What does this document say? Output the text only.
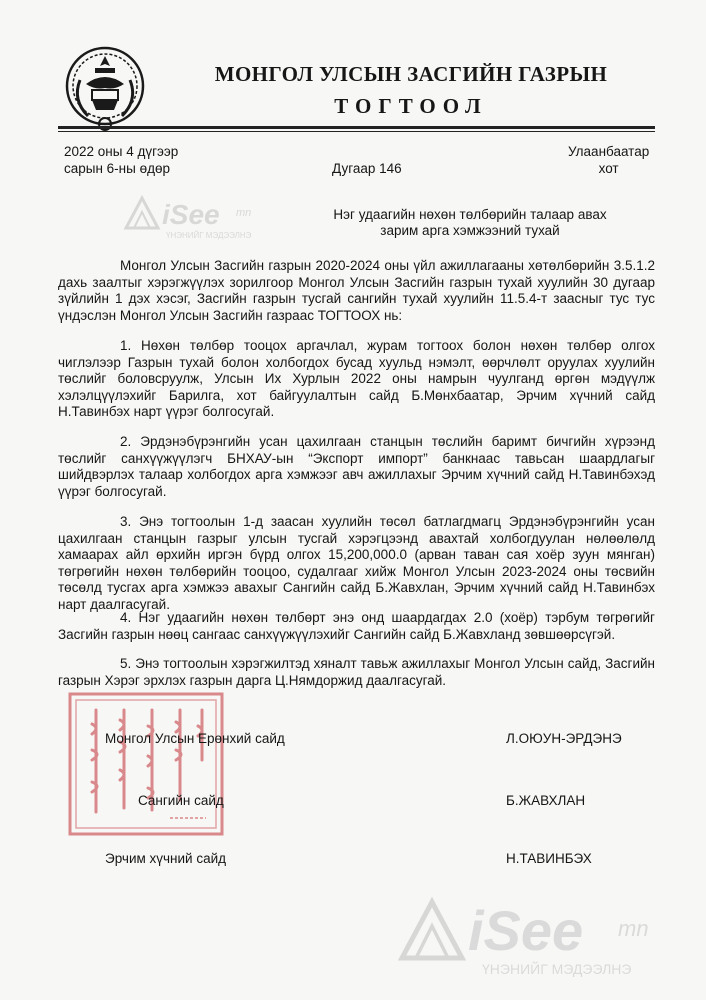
МОНГОЛ УЛСЫН ЗАСГИЙН ГАЗРЫН
ТОГТООЛ
2022 оны 4 дүгээр
сарын 6-ны өдөр	Дугаар 146
Улаанбаатар
хот
iSee mn
ҮНЭНИЙГ МЭДЭЭЛНЭ
Нэг удаагийн нөхөн төлбөрийн талаар авах
зарим арга хэмжээний тухай
Монгол Улсын Засгийн газрын 2020-2024 оны үйл ажиллагааны хөтөлбөрийн 3.5.1.2 дахь заалтыг хэрэгжүүлэх зорилгоор Монгол Улсын Засгийн газрын тухай хуулийн 30 дугаар зүйлийн 1 дэх хэсэг, Засгийн газрын тусгай сангийн тухай хуулийн 11.5.4-т заасныг тус тус үндэслэн Монгол Улсын Засгийн газраас ТОГТООХ нь:
1. Нөхөн төлбөр тооцох аргачлал, журам тогтоох болон нөхөн төлбөр олгох чиглэлээр Газрын тухай болон холбогдох бусад хуульд нэмэлт, өөрчлөлт оруулах хуулийн төслийг боловсруулж, Улсын Их Хурлын 2022 оны намрын чуулганд өргөн мэдүүлж хэлэлцүүлэхийг Барилга, хот байгуулалтын сайд Б.Мөнхбаатар, Эрчим хүчний сайд Н.Тавинбэх нарт үүрэг болгосугай.
2. Эрдэнэбүрэнгийн усан цахилгаан станцын төслийн баримт бичгийн хүрээнд төслийг санхүүжүүлэгч БНХАУ-ын “Экспорт импорт” банкнаас тавьсан шаардлагыг шийдвэрлэх талаар холбогдох арга хэмжээг авч ажиллахыг Эрчим хүчний сайд Н.Тавинбэхэд үүрэг болгосугай.
3. Энэ тогтоолын 1-д заасан хуулийн төсөл батлагдмагц Эрдэнэбүрэнгийн усан цахилгаан станцын газрыг улсын тусгай хэрэгцээнд авахтай холбогдуулан нөлөөлөлд хамаарах айл өрхийн иргэн бүрд олгох 15,200,000.0 (арван таван сая хоёр зуун мянган) төгрөгийн нөхөн төлбөрийн тооцоо, судалгааг хийж Монгол Улсын 2023-2024 оны төсвийн төсөлд тусгах арга хэмжээ авахыг Сангийн сайд Б.Жавхлан, Эрчим хүчний сайд Н.Тавинбэх нарт даалгасугай.
4. Нэг удаагийн нөхөн төлбөрт энэ онд шаардагдах 2.0 (хоёр) тэрбум төгрөгийг Засгийн газрын нөөц сангаас санхүүжүүлэхийг Сангийн сайд Б.Жавхланд зөвшөөрсүгэй.
5. Энэ тогтоолын хэрэгжилтэд хяналт тавьж ажиллахыг Монгол Улсын сайд, Засгийн газрын Хэрэг эрхлэх газрын дарга Ц.Нямдоржид даалгасугай.
Монгол Улсын Ерөнхий сайд	Л.ОЮУН-ЭРДЭНЭ
Сангийн сайд	Б.ЖАВХЛАН
Эрчим хүчний сайд	Н.ТАВИНБЭХ
iSee mn
ҮНЭНИЙГ МЭДЭЭЛНЭ
